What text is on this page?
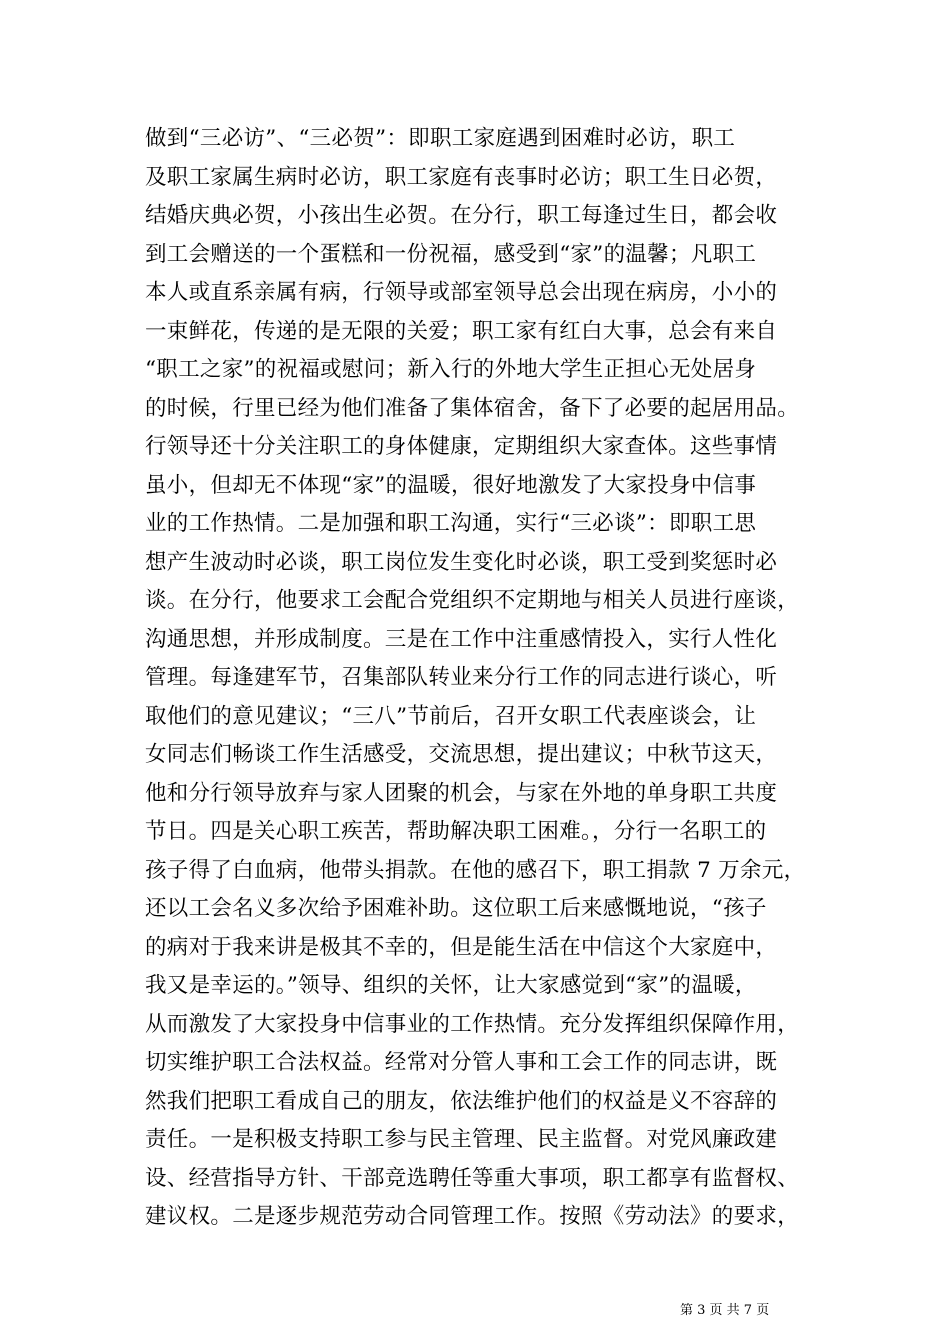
做到“三必访”、“三必贺”：即职工家庭遇到困难时必访，职工
及职工家属生病时必访，职工家庭有丧事时必访；职工生日必贺，
结婚庆典必贺，小孩出生必贺。在分行，职工每逢过生日，都会收
到工会赠送的一个蛋糕和一份祝福，感受到“家”的温馨；凡职工
本人或直系亲属有病，行领导或部室领导总会出现在病房，小小的
一束鲜花，传递的是无限的关爱；职工家有红白大事，总会有来自
“职工之家”的祝福或慰问；新入行的外地大学生正担心无处居身
的时候，行里已经为他们准备了集体宿舍，备下了必要的起居用品。
行领导还十分关注职工的身体健康，定期组织大家查体。这些事情
虽小，但却无不体现“家”的温暖，很好地激发了大家投身中信事
业的工作热情。二是加强和职工沟通，实行“三必谈”：即职工思
想产生波动时必谈，职工岗位发生变化时必谈，职工受到奖惩时必
谈。在分行，他要求工会配合党组织不定期地与相关人员进行座谈，
沟通思想，并形成制度。三是在工作中注重感情投入，实行人性化
管理。每逢建军节，召集部队转业来分行工作的同志进行谈心，听
取他们的意见建议；“三八”节前后，召开女职工代表座谈会，让
女同志们畅谈工作生活感受，交流思想，提出建议；中秋节这天，
他和分行领导放弃与家人团聚的机会，与家在外地的单身职工共度
节日。四是关心职工疾苦，帮助解决职工困难。，分行一名职工的
孩子得了白血病，他带头捐款。在他的感召下，职工捐款 7 万余元，
还以工会名义多次给予困难补助。这位职工后来感慨地说，“孩子
的病对于我来讲是极其不幸的，但是能生活在中信这个大家庭中，
我又是幸运的。”领导、组织的关怀，让大家感觉到“家”的温暖，
从而激发了大家投身中信事业的工作热情。充分发挥组织保障作用，
切实维护职工合法权益。经常对分管人事和工会工作的同志讲，既
然我们把职工看成自己的朋友，依法维护他们的权益是义不容辞的
责任。一是积极支持职工参与民主管理、民主监督。对党风廉政建
设、经营指导方针、干部竞选聘任等重大事项，职工都享有监督权、
建议权。二是逐步规范劳动合同管理工作。按照《劳动法》的要求，
第 3 页 共 7 页
